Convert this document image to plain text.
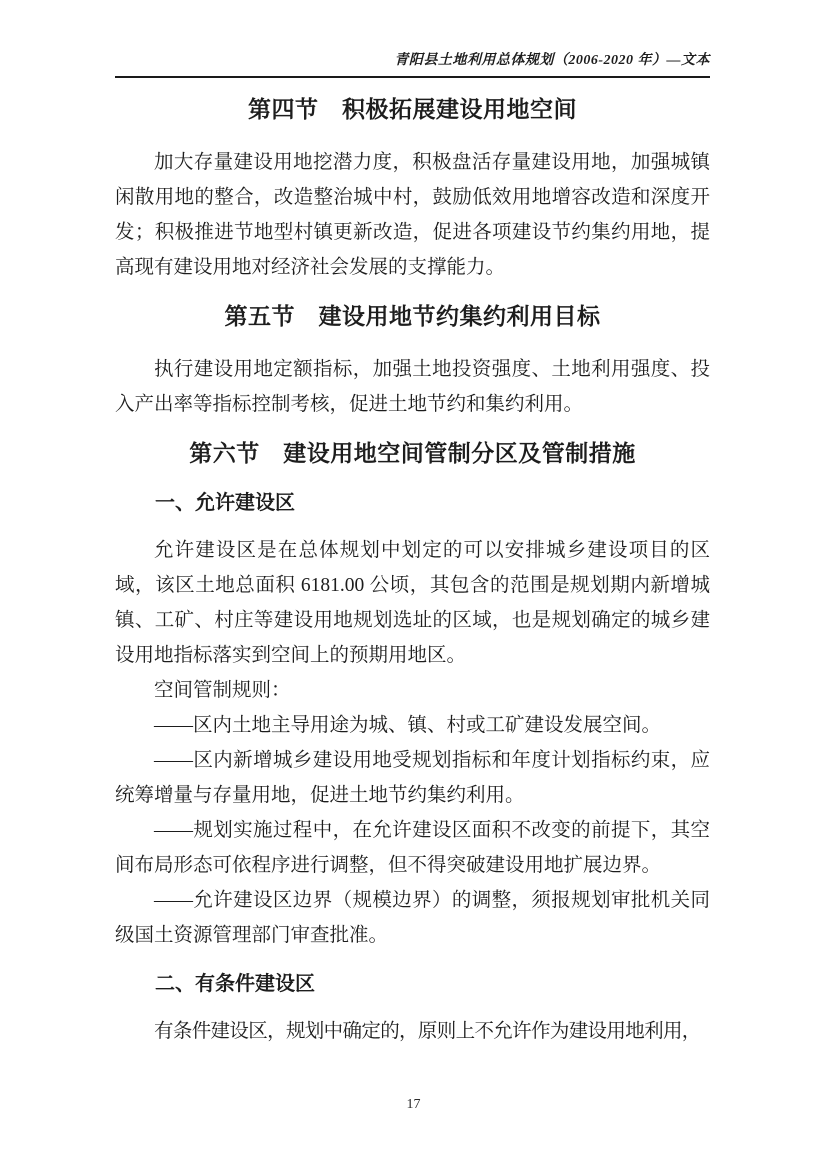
青阳县土地利用总体规划（2006-2020 年）—文本
第四节　积极拓展建设用地空间

加大存量建设用地挖潜力度，积极盘活存量建设用地，加强城镇闲散用地的整合，改造整治城中村，鼓励低效用地增容改造和深度开发；积极推进节地型村镇更新改造，促进各项建设节约集约用地，提高现有建设用地对经济社会发展的支撑能力。

第五节　建设用地节约集约利用目标

执行建设用地定额指标，加强土地投资强度、土地利用强度、投入产出率等指标控制考核，促进土地节约和集约利用。

第六节　建设用地空间管制分区及管制措施
一、允许建设区

允许建设区是在总体规划中划定的可以安排城乡建设项目的区域，该区土地总面积 6181.00 公顷，其包含的范围是规划期内新增城镇、工矿、村庄等建设用地规划选址的区域，也是规划确定的城乡建设用地指标落实到空间上的预期用地区。

空间管制规则：

——区内土地主导用途为城、镇、村或工矿建设发展空间。

——区内新增城乡建设用地受规划指标和年度计划指标约束，应统筹增量与存量用地，促进土地节约集约利用。

——规划实施过程中，在允许建设区面积不改变的前提下，其空间布局形态可依程序进行调整，但不得突破建设用地扩展边界。

——允许建设区边界（规模边界）的调整，须报规划审批机关同级国土资源管理部门审查批准。

二、有条件建设区

有条件建设区，规划中确定的，原则上不允许作为建设用地利用，

17
